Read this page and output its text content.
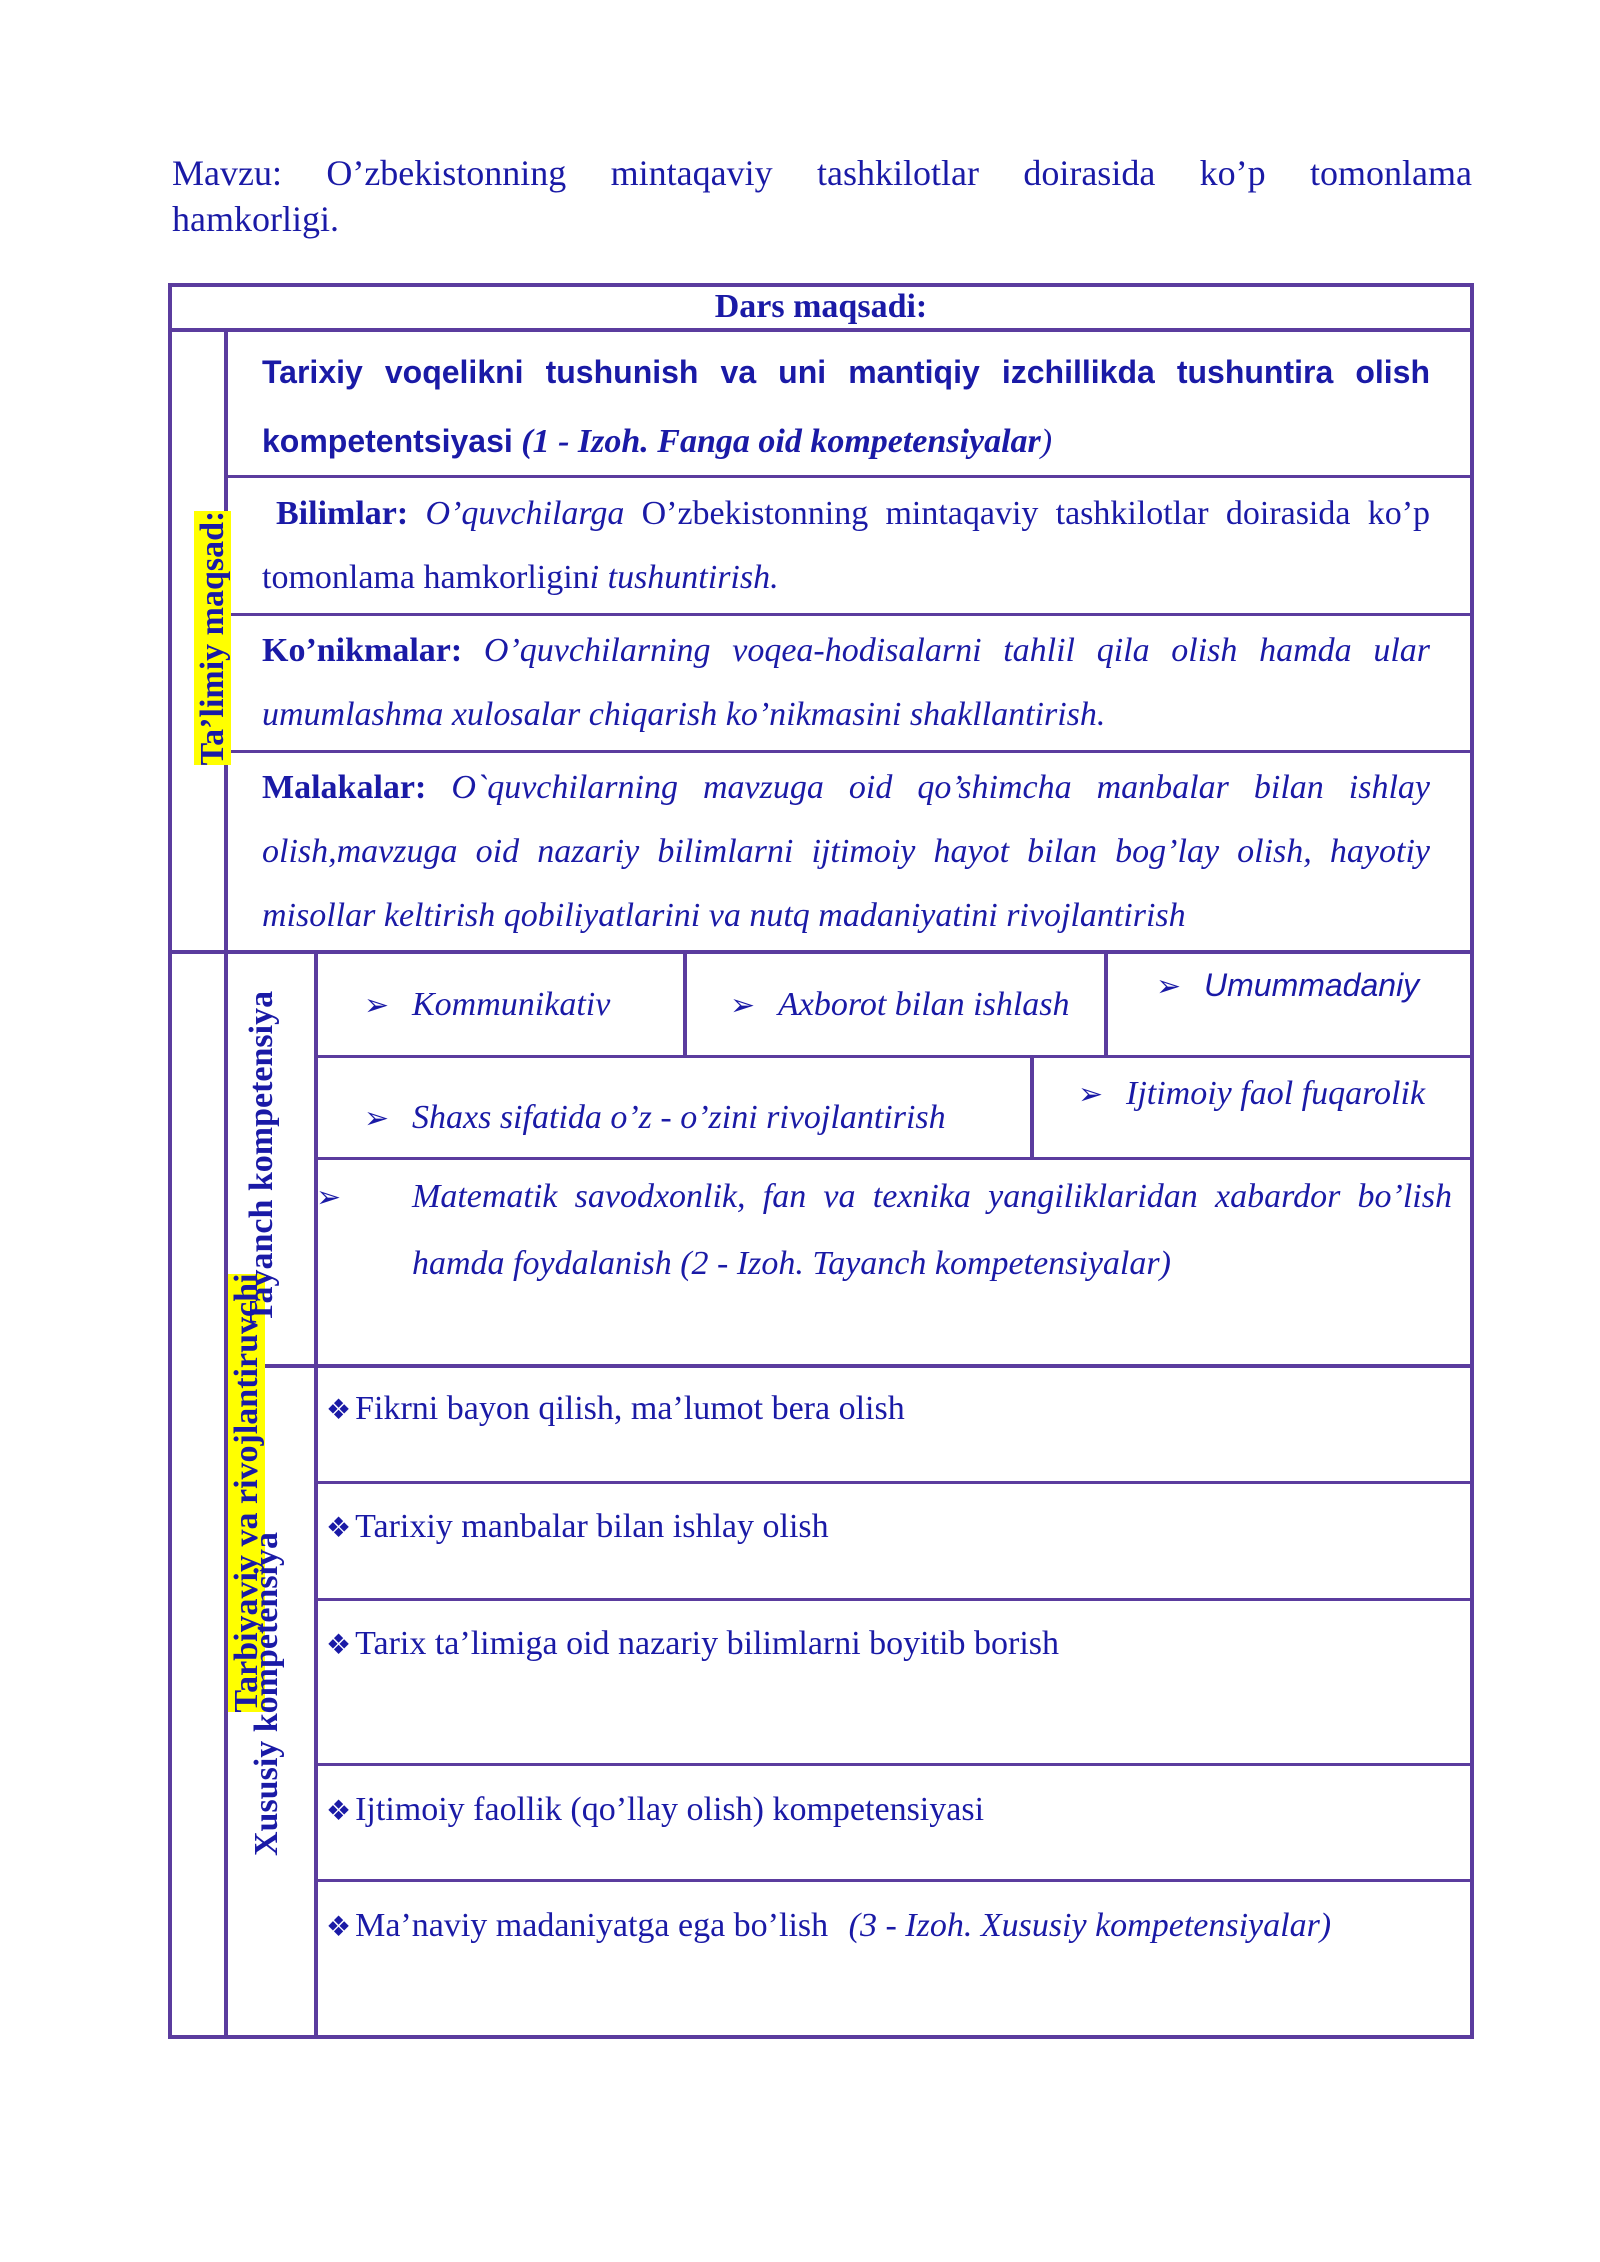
Mavzu: O’zbekistonning mintaqaviy tashkilotlar doirasida ko’p tomonlama
hamkorligi.
Dars maqsadi:
Ta’limiy maqsad:
Tarixiy voqelikni tushunish va uni mantiqiy izchillikda tushuntira olish kompetentsiyasi (1 - Izoh. Fanga oid kompetensiyalar)
Bilimlar: O’quvchilarga O’zbekistonning mintaqaviy tashkilotlar doirasida ko’p tomonlama hamkorligini tushuntirish.
Ko’nikmalar: O’quvchilarning voqea-hodisalarni tahlil qila olish hamda ular umumlashma xulosalar chiqarish ko’nikmasini shakllantirish.
Malakalar: O`quvchilarning mavzuga oid qo’shimcha manbalar bilan ishlay olish,mavzuga oid nazariy bilimlarni ijtimoiy hayot bilan bog’lay olish, hayotiy misollar keltirish qobiliyatlarini va nutq madaniyatini rivojlantirish
Tarbiyaviy va rivojlantiruvchi
Tayanch kompetensiya
Xususiy kompetensiya
➢ Kommunikativ	➢ Axborot bilan ishlash	➢ Umummadaniy
➢ Shaxs sifatida o’z - o’zini rivojlantirish
➢ Ijtimoiy faol fuqarolik
➢ Matematik savodxonlik, fan va texnika yangiliklaridan xabardor bo’lish hamda foydalanish (2 - Izoh. Tayanch kompetensiyalar)
❖ Fikrni bayon qilish, ma’lumot bera olish
❖ Tarixiy manbalar bilan ishlay olish
❖ Tarix ta’limiga oid nazariy bilimlarni boyitib borish
❖ Ijtimoiy faollik (qo’llay olish) kompetensiyasi
❖ Ma’naviy madaniyatga ega bo’lish (3 - Izoh. Xususiy kompetensiyalar)
